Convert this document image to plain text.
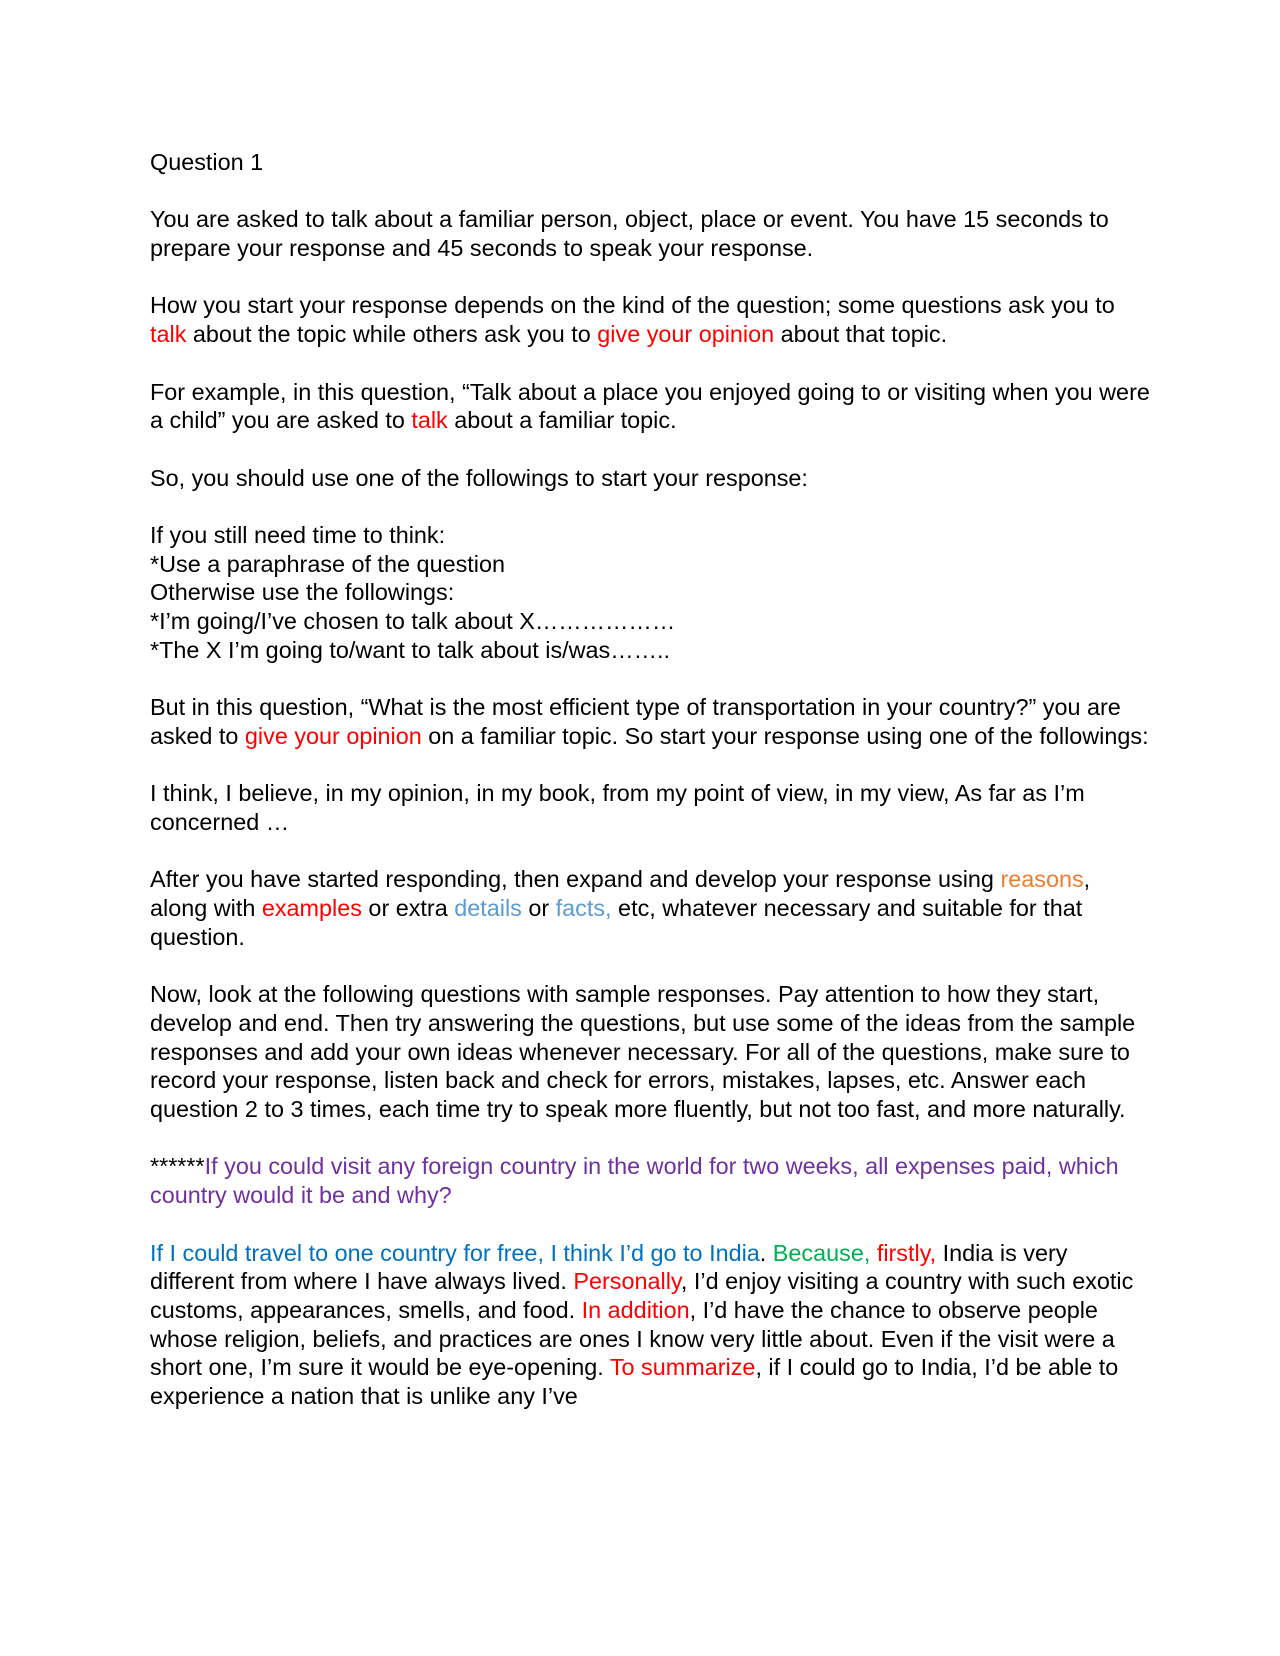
Question 1

You are asked to talk about a familiar person, object, place or event. You have 15 seconds to prepare your response and 45 seconds to speak your response.

How you start your response depends on the kind of the question; some questions ask you to talk about the topic while others ask you to give your opinion about that topic.

For example, in this question, “Talk about a place you enjoyed going to or visiting when you were a child” you are asked to talk about a familiar topic.

So, you should use one of the followings to start your response:

If you still need time to think:
*Use a paraphrase of the question
Otherwise use the followings:
*I’m going/I’ve chosen to talk about X………………
*The X I’m going to/want to talk about is/was……..

But in this question, “What is the most efficient type of transportation in your country?” you are asked to give your opinion on a familiar topic. So start your response using one of the followings:

I think, I believe, in my opinion, in my book, from my point of view, in my view, As far as I’m concerned …

After you have started responding, then expand and develop your response using reasons, along with examples or extra details or facts, etc, whatever necessary and suitable for that question.

Now, look at the following questions with sample responses. Pay attention to how they start, develop and end. Then try answering the questions, but use some of the ideas from the sample responses and add your own ideas whenever necessary. For all of the questions, make sure to record your response, listen back and check for errors, mistakes, lapses, etc. Answer each question 2 to 3 times, each time try to speak more fluently, but not too fast, and more naturally.

******If you could visit any foreign country in the world for two weeks, all expenses paid, which country would it be and why?

If I could travel to one country for free, I think I’d go to India. Because, firstly, India is very different from where I have always lived. Personally, I’d enjoy visiting a country with such exotic customs, appearances, smells, and food. In addition, I’d have the chance to observe people whose religion, beliefs, and practices are ones I know very little about. Even if the visit were a short one, I’m sure it would be eye-opening. To summarize, if I could go to India, I’d be able to experience a nation that is unlike any I’ve
